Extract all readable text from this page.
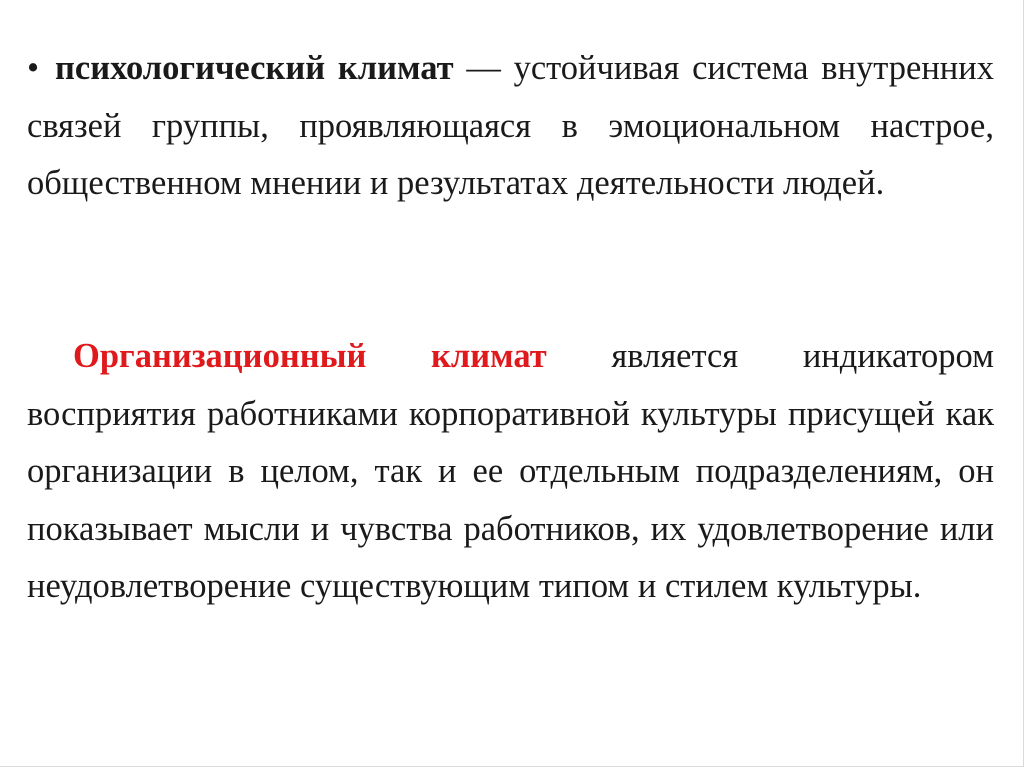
• психологический климат — устойчивая система внутренних связей группы, проявляющаяся в эмоциональном настрое, общественном мнении и результатах деятельности людей.

Организационный климат является индикатором восприятия работниками корпоративной культуры присущей как организации в целом, так и ее отдельным подразделениям, он показывает мысли и чувства работников, их удовлетворение или неудовлетворение существующим типом и стилем культуры.
